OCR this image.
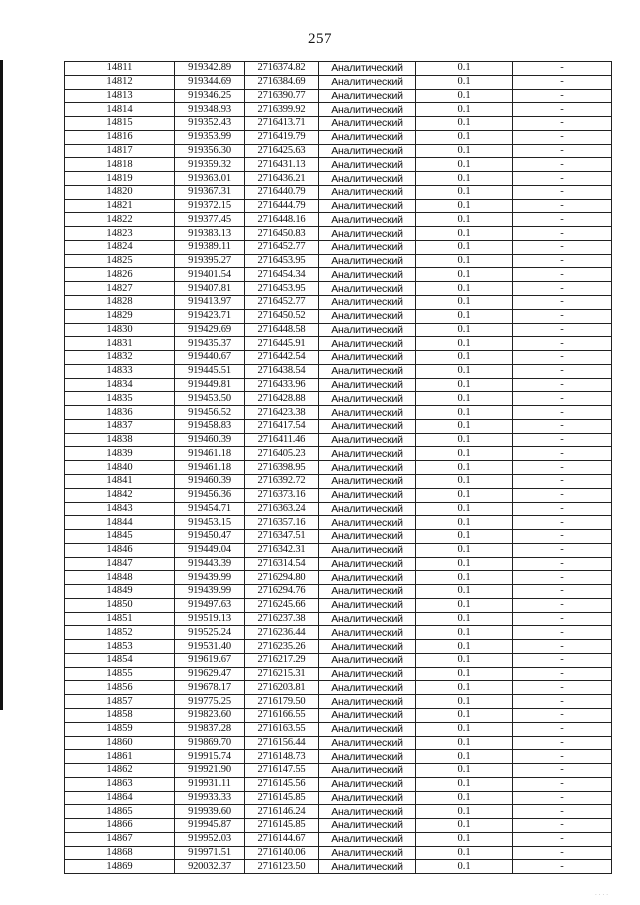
257
14811	919342.89	2716374.82	Аналитический	0.1	-
14812	919344.69	2716384.69	Аналитический	0.1	-
14813	919346.25	2716390.77	Аналитический	0.1	-
14814	919348.93	2716399.92	Аналитический	0.1	-
14815	919352.43	2716413.71	Аналитический	0.1	-
14816	919353.99	2716419.79	Аналитический	0.1	-
14817	919356.30	2716425.63	Аналитический	0.1	-
14818	919359.32	2716431.13	Аналитический	0.1	-
14819	919363.01	2716436.21	Аналитический	0.1	-
14820	919367.31	2716440.79	Аналитический	0.1	-
14821	919372.15	2716444.79	Аналитический	0.1	-
14822	919377.45	2716448.16	Аналитический	0.1	-
14823	919383.13	2716450.83	Аналитический	0.1	-
14824	919389.11	2716452.77	Аналитический	0.1	-
14825	919395.27	2716453.95	Аналитический	0.1	-
14826	919401.54	2716454.34	Аналитический	0.1	-
14827	919407.81	2716453.95	Аналитический	0.1	-
14828	919413.97	2716452.77	Аналитический	0.1	-
14829	919423.71	2716450.52	Аналитический	0.1	-
14830	919429.69	2716448.58	Аналитический	0.1	-
14831	919435.37	2716445.91	Аналитический	0.1	-
14832	919440.67	2716442.54	Аналитический	0.1	-
14833	919445.51	2716438.54	Аналитический	0.1	-
14834	919449.81	2716433.96	Аналитический	0.1	-
14835	919453.50	2716428.88	Аналитический	0.1	-
14836	919456.52	2716423.38	Аналитический	0.1	-
14837	919458.83	2716417.54	Аналитический	0.1	-
14838	919460.39	2716411.46	Аналитический	0.1	-
14839	919461.18	2716405.23	Аналитический	0.1	-
14840	919461.18	2716398.95	Аналитический	0.1	-
14841	919460.39	2716392.72	Аналитический	0.1	-
14842	919456.36	2716373.16	Аналитический	0.1	-
14843	919454.71	2716363.24	Аналитический	0.1	-
14844	919453.15	2716357.16	Аналитический	0.1	-
14845	919450.47	2716347.51	Аналитический	0.1	-
14846	919449.04	2716342.31	Аналитический	0.1	-
14847	919443.39	2716314.54	Аналитический	0.1	-
14848	919439.99	2716294.80	Аналитический	0.1	-
14849	919439.99	2716294.76	Аналитический	0.1	-
14850	919497.63	2716245.66	Аналитический	0.1	-
14851	919519.13	2716237.38	Аналитический	0.1	-
14852	919525.24	2716236.44	Аналитический	0.1	-
14853	919531.40	2716235.26	Аналитический	0.1	-
14854	919619.67	2716217.29	Аналитический	0.1	-
14855	919629.47	2716215.31	Аналитический	0.1	-
14856	919678.17	2716203.81	Аналитический	0.1	-
14857	919775.25	2716179.50	Аналитический	0.1	-
14858	919823.60	2716166.55	Аналитический	0.1	-
14859	919837.28	2716163.55	Аналитический	0.1	-
14860	919869.70	2716156.44	Аналитический	0.1	-
14861	919915.74	2716148.73	Аналитический	0.1	-
14862	919921.90	2716147.55	Аналитический	0.1	-
14863	919931.11	2716145.56	Аналитический	0.1	-
14864	919933.33	2716145.85	Аналитический	0.1	-
14865	919939.60	2716146.24	Аналитический	0.1	-
14866	919945.87	2716145.85	Аналитический	0.1	-
14867	919952.03	2716144.67	Аналитический	0.1	-
14868	919971.51	2716140.06	Аналитический	0.1	-
14869	920032.37	2716123.50	Аналитический	0.1	-
....
